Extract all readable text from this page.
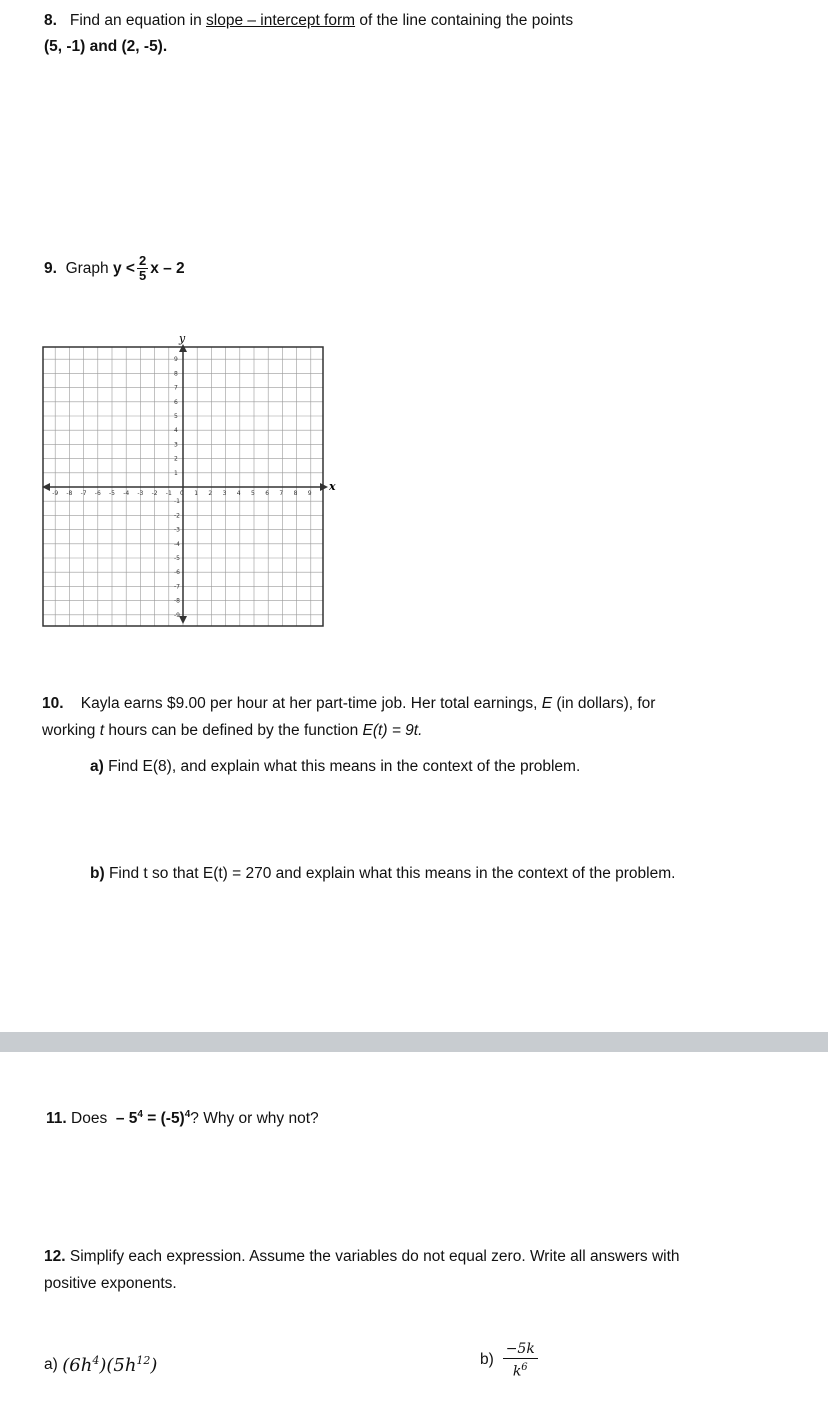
8. Find an equation in slope – intercept form of the line containing the points
(5, -1) and (2, -5).
9.
Graph
$y < \frac{2}{5}$ x – 2
y
x
-9 -8 -7 -6 -5 -4 -3 -2 -1 0 1 2 3 4 5 6 7 8 9
9
8
7
6
5
4
3
2
1
-1
-2
-3
-4
-5
-6
-7
-8
-9
10. Kayla earns $9.00 per hour at her part-time job. Her total earnings, E (in dollars), for
working t hours can be defined by the function E(t) = 9t.
a) Find E(8), and explain what this means in the context of the problem.
b) Find t so that E(t) = 270 and explain what this means in the context of the problem.
11. Does  – $5^4 = (-5)^4$? Why or why not?
12. Simplify each expression. Assume the variables do not equal zero. Write all answers with
positive exponents.
a)
$(6h^4)(5h^{12})$	b)
$\frac{-5k}{k^6}$
